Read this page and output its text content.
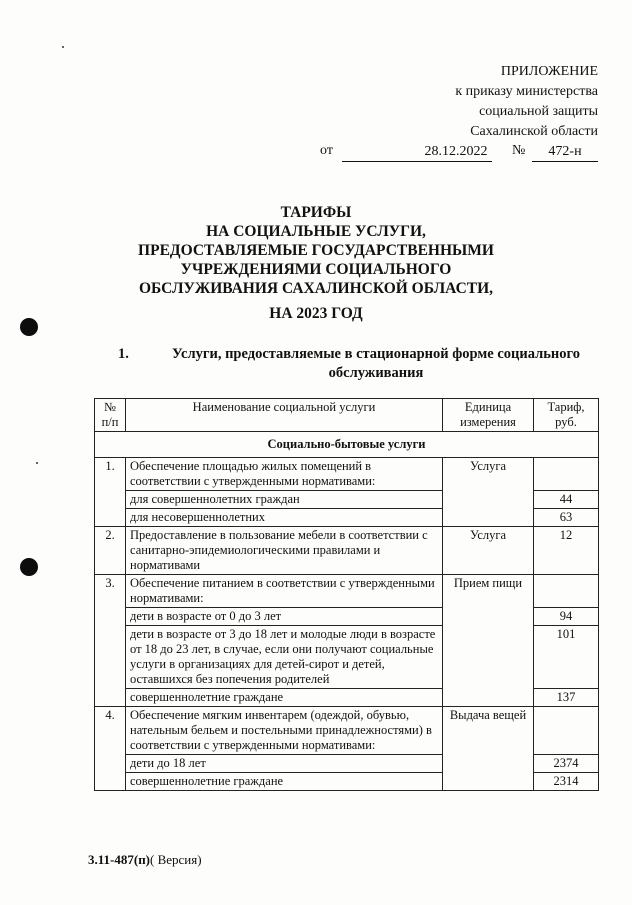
ПРИЛОЖЕНИЕ
к приказу министерства
социальной защиты
Сахалинской области
от	28.12.2022	№	472-н
ТАРИФЫ
НА СОЦИАЛЬНЫЕ УСЛУГИ,
ПРЕДОСТАВЛЯЕМЫЕ ГОСУДАРСТВЕННЫМИ
УЧРЕЖДЕНИЯМИ СОЦИАЛЬНОГО
ОБСЛУЖИВАНИЯ САХАЛИНСКОЙ ОБЛАСТИ,
НА 2023 ГОД
1.	Услуги, предоставляемые в стационарной форме социального
обслуживания
№ п/п	Наименование социальной услуги	Единица измерения	Тариф, руб.
Социально-бытовые услуги			
1.	Обеспечение площадью жилых помещений в соответствии с утвержденными нормативами:	Услуга	
	для совершеннолетних граждан		44
	для несовершеннолетних		63
2.	Предоставление в пользование мебели в соответствии с санитарно-эпидемиологическими правилами и нормативами	Услуга	12
3.	Обеспечение питанием в соответствии с утвержденными нормативами:	Прием пищи	
	дети в возрасте от 0 до 3 лет		94
	дети в возрасте от 3 до 18 лет и молодые люди в возрасте от 18 до 23 лет, в случае, если они получают социальные услуги в организациях для детей-сирот и детей, оставшихся без попечения родителей		101
	совершеннолетние граждане		137
4.	Обеспечение мягким инвентарем (одеждой, обувью, нательным бельем и постельными принадлежностями) в соответствии с утвержденными нормативами:	Выдача вещей	
	дети до 18 лет		2374
	совершеннолетние граждане		2314
3.11-487(п)( Версия)
